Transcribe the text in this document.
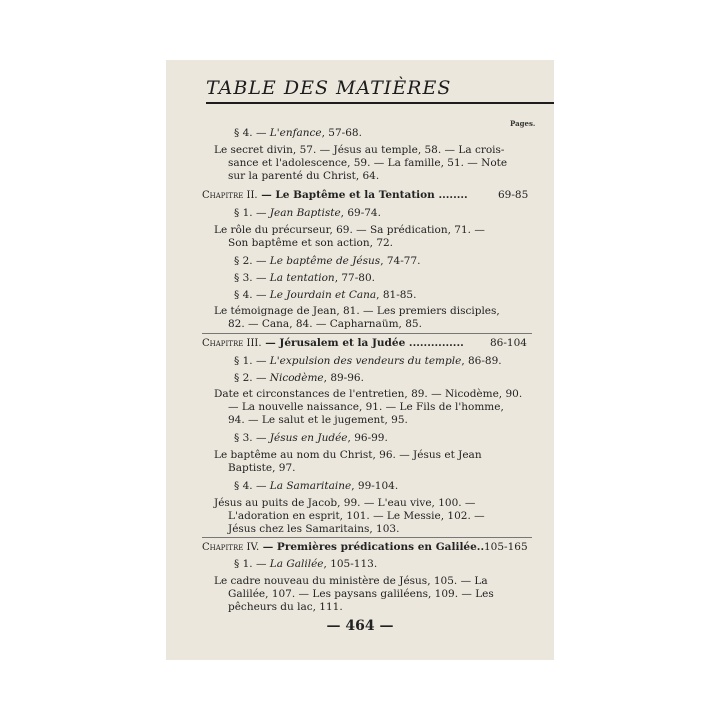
TABLE DES MATIÈRES
Pages.
§ 4. — L'enfance, 57-68.
Le secret divin, 57. — Jésus au temple, 58. — La crois-
sance et l'adolescence, 59. — La famille, 51. — Note
sur la parenté du Christ, 64.
Chapitre II. — Le Baptême et la Tentation ........	69-85
§ 1. — Jean Baptiste, 69-74.
Le rôle du précurseur, 69. — Sa prédication, 71. —
Son baptême et son action, 72.
§ 2. — Le baptême de Jésus, 74-77.
§ 3. — La tentation, 77-80.
§ 4. — Le Jourdain et Cana, 81-85.
Le témoignage de Jean, 81. — Les premiers disciples,
82. — Cana, 84. — Capharnaüm, 85.
Chapitre III. — Jérusalem et la Judée ...............	86-104
§ 1. — L'expulsion des vendeurs du temple, 86-89.
§ 2. — Nicodème, 89-96.
Date et circonstances de l'entretien, 89. — Nicodème, 90.
— La nouvelle naissance, 91. — Le Fils de l'homme,
94. — Le salut et le jugement, 95.
§ 3. — Jésus en Judée, 96-99.
Le baptême au nom du Christ, 96. — Jésus et Jean
Baptiste, 97.
§ 4. — La Samaritaine, 99-104.
Jésus au puits de Jacob, 99. — L'eau vive, 100. —
L'adoration en esprit, 101. — Le Messie, 102. —
Jésus chez les Samaritains, 103.
Chapitre IV. — Premières prédications en Galilée.. 105-165
§ 1. — La Galilée, 105-113.
Le cadre nouveau du ministère de Jésus, 105. — La
Galilée, 107. — Les paysans galiléens, 109. — Les
pêcheurs du lac, 111.
— 464 —
